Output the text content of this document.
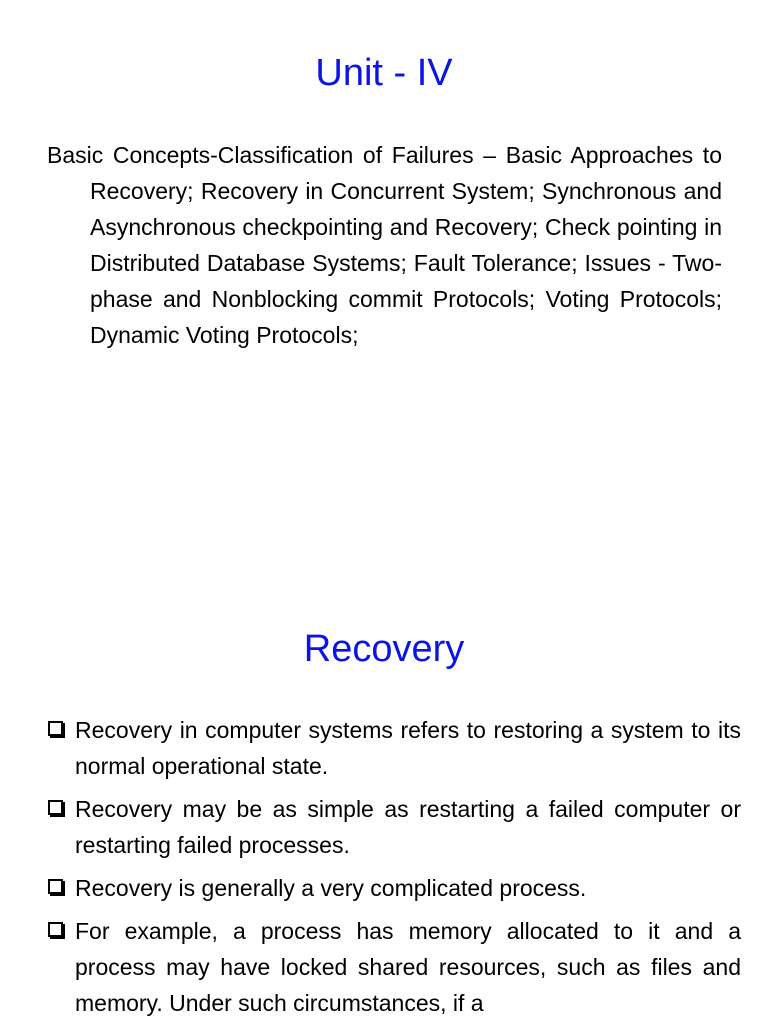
Unit - IV

Basic Concepts-Classification of Failures – Basic Approaches to Recovery; Recovery in Concurrent System; Synchronous and Asynchronous checkpointing and Recovery; Check pointing in Distributed Database Systems; Fault Tolerance; Issues - Two-phase and Nonblocking commit Protocols; Voting Protocols; Dynamic Voting Protocols;

Recovery
Recovery in computer systems refers to restoring a system to its normal operational state.
Recovery may be as simple as restarting a failed computer or restarting failed processes.
Recovery is generally a very complicated process.
For example, a process has memory allocated to it and a process may have locked shared resources, such as files and memory. Under such circumstances, if a
